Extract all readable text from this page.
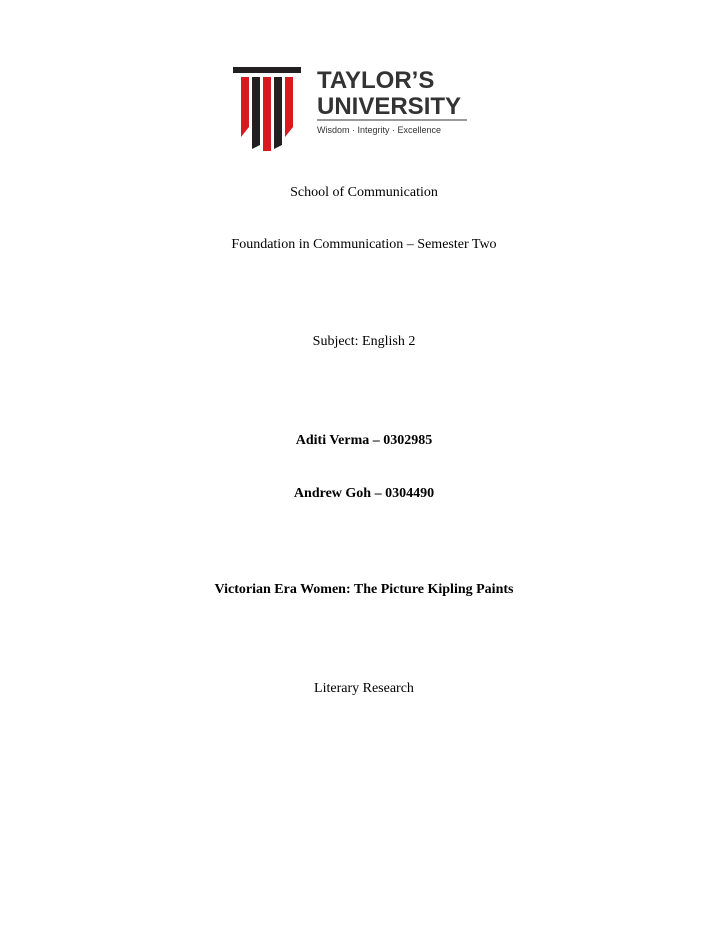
TAYLOR’S
UNIVERSITY
Wisdom · Integrity · Excellence
School of Communication
Foundation in Communication – Semester Two
Subject: English 2
Aditi Verma – 0302985
Andrew Goh – 0304490
Victorian Era Women: The Picture Kipling Paints
Literary Research
